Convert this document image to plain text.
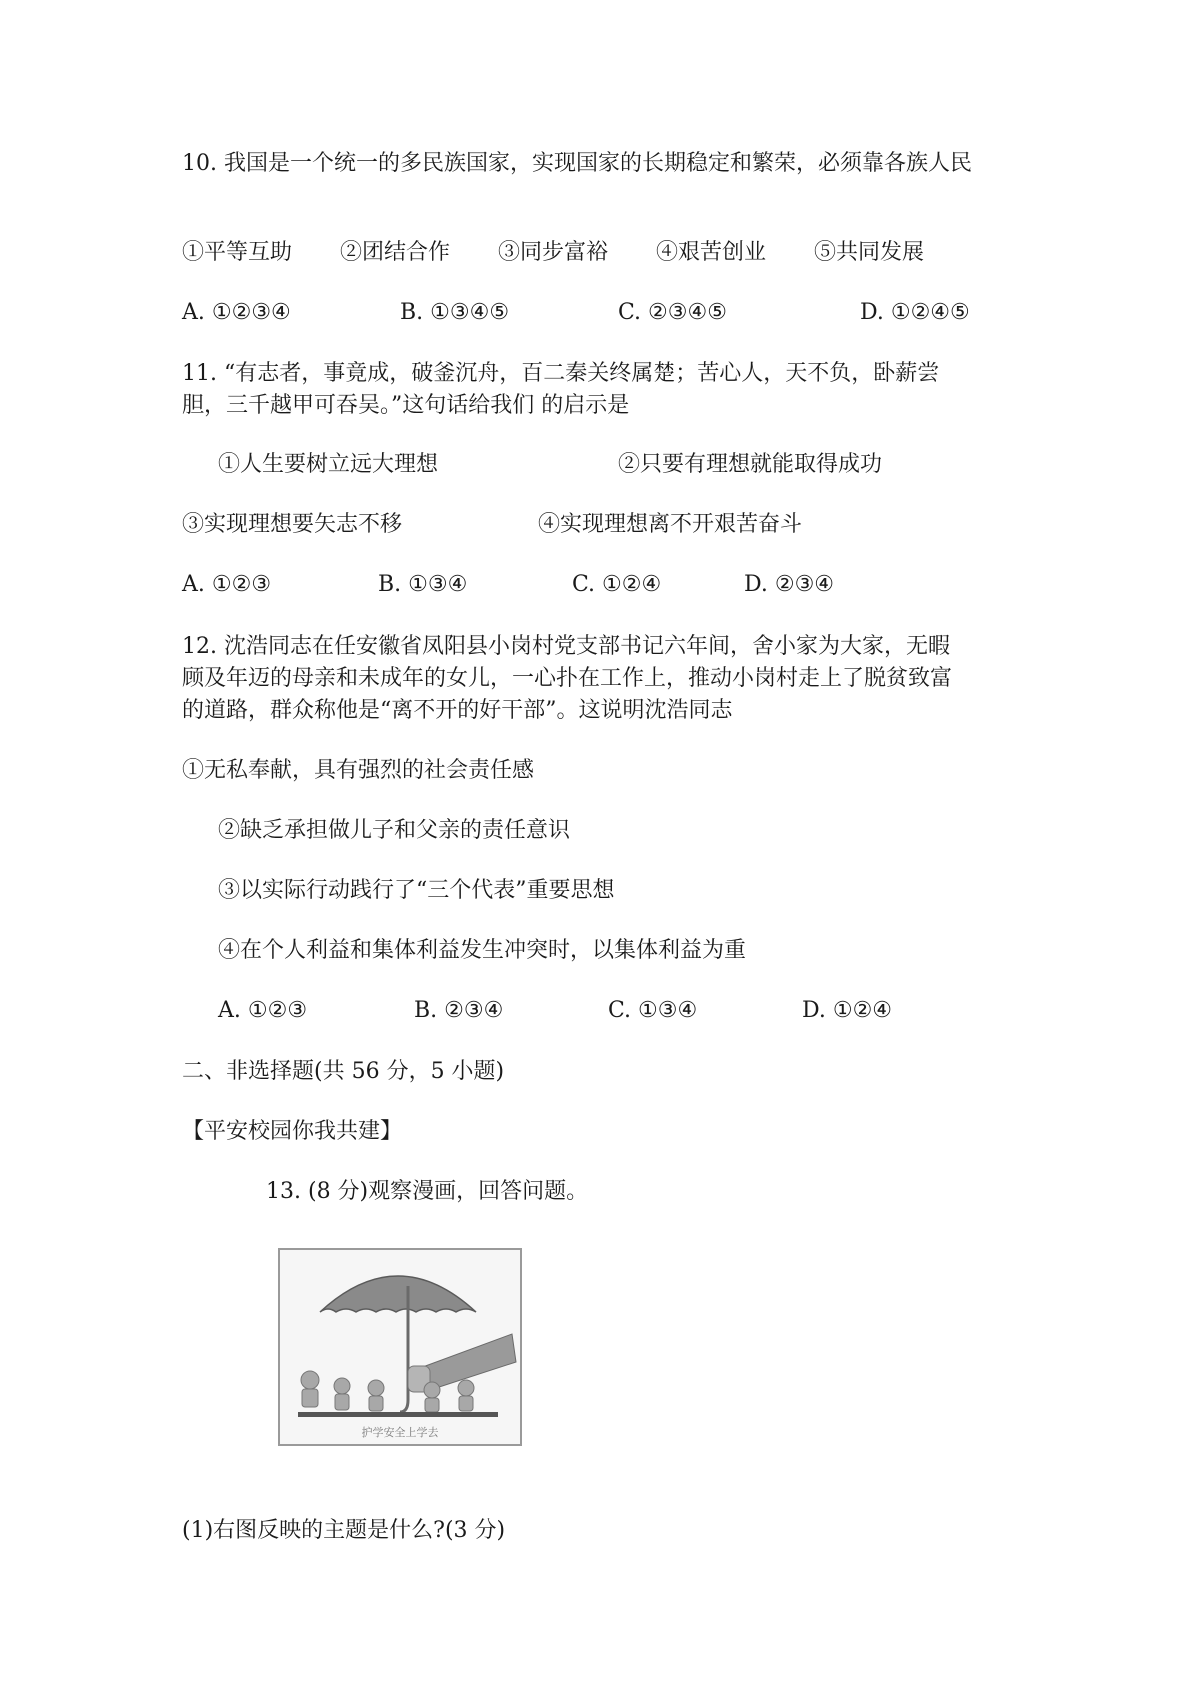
10. 我国是一个统一的多民族国家，实现国家的长期稳定和繁荣，必须靠各族人民
①平等互助 ②团结合作 ③同步富裕 ④艰苦创业 ⑤共同发展
A. ①②③④	B. ①③④⑤	C. ②③④⑤	D. ①②④⑤
11. “有志者，事竟成，破釜沉舟，百二秦关终属楚；苦心人，天不负，卧薪尝
胆，三千越甲可吞吴。”这句话给我们 的启示是
①人生要树立远大理想	②只要有理想就能取得成功
③实现理想要矢志不移	④实现理想离不开艰苦奋斗
A. ①②③	B. ①③④	C. ①②④	D. ②③④
12. 沈浩同志在任安徽省凤阳县小岗村党支部书记六年间，舍小家为大家，无暇
顾及年迈的母亲和未成年的女儿，一心扑在工作上，推动小岗村走上了脱贫致富
的道路，群众称他是“离不开的好干部”。这说明沈浩同志
①无私奉献，具有强烈的社会责任感
②缺乏承担做儿子和父亲的责任意识
③以实际行动践行了“三个代表”重要思想
④在个人利益和集体利益发生冲突时，以集体利益为重
A. ①②③	B. ②③④	C. ①③④	D. ①②④
二、非选择题(共 56 分，5 小题)
【平安校园你我共建】
13. (8 分)观察漫画，回答问题。
护学安全上学去
(1)右图反映的主题是什么?(3 分)
